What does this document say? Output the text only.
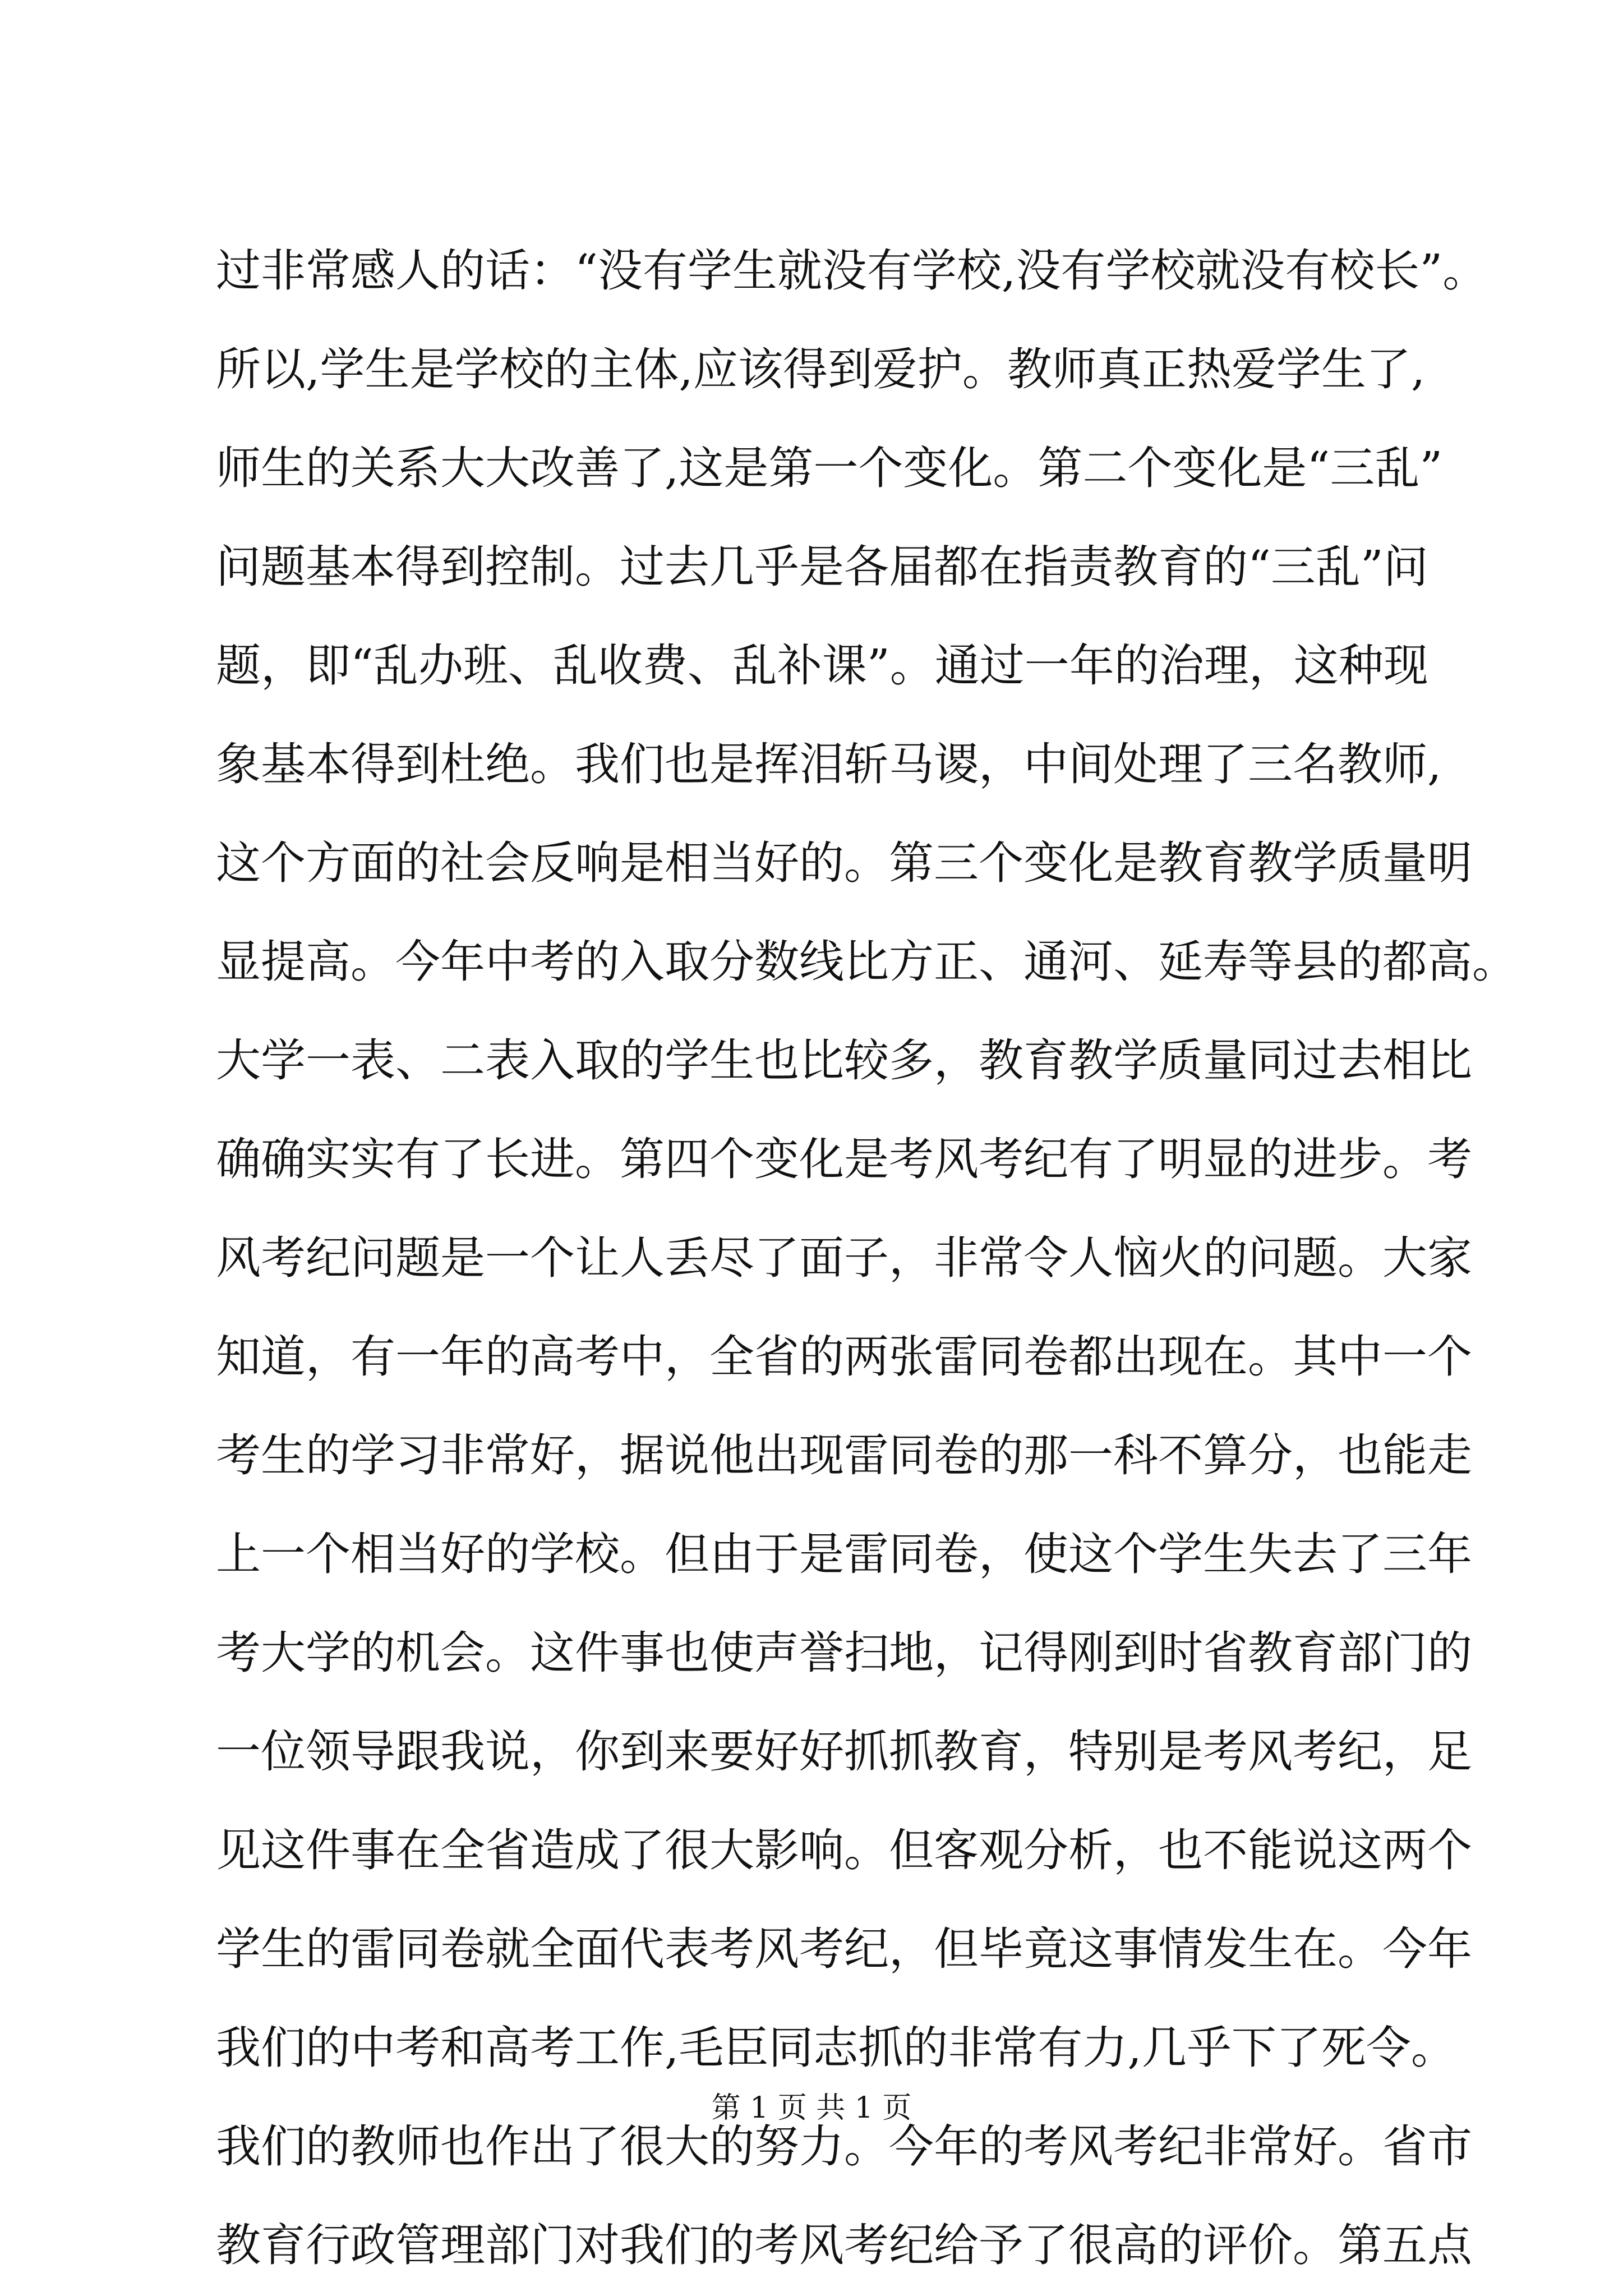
过非常感人的话：“没有学生就没有学校,没有学校就没有校长”。
所以,学生是学校的主体,应该得到爱护。教师真正热爱学生了,
师生的关系大大改善了,这是第一个变化。第二个变化是“三乱”
问题基本得到控制。过去几乎是各届都在指责教育的“三乱”问
题，即“乱办班、乱收费、乱补课”。通过一年的治理，这种现
象基本得到杜绝。我们也是挥泪斩马谡，中间处理了三名教师,
这个方面的社会反响是相当好的。第三个变化是教育教学质量明
显提高。今年中考的入取分数线比方正、通河、延寿等县的都高。
大学一表、二表入取的学生也比较多，教育教学质量同过去相比
确确实实有了长进。第四个变化是考风考纪有了明显的进步。考
风考纪问题是一个让人丢尽了面子，非常令人恼火的问题。大家
知道，有一年的高考中，全省的两张雷同卷都出现在。其中一个
考生的学习非常好，据说他出现雷同卷的那一科不算分，也能走
上一个相当好的学校。但由于是雷同卷，使这个学生失去了三年
考大学的机会。这件事也使声誉扫地，记得刚到时省教育部门的
一位领导跟我说，你到来要好好抓抓教育，特别是考风考纪，足
见这件事在全省造成了很大影响。但客观分析，也不能说这两个
学生的雷同卷就全面代表考风考纪，但毕竟这事情发生在。今年
我们的中考和高考工作,毛臣同志抓的非常有力,几乎下了死令。
我们的教师也作出了很大的努力。今年的考风考纪非常好。省市
教育行政管理部门对我们的考风考纪给予了很高的评价。第五点
第 1 页 共 1 页
